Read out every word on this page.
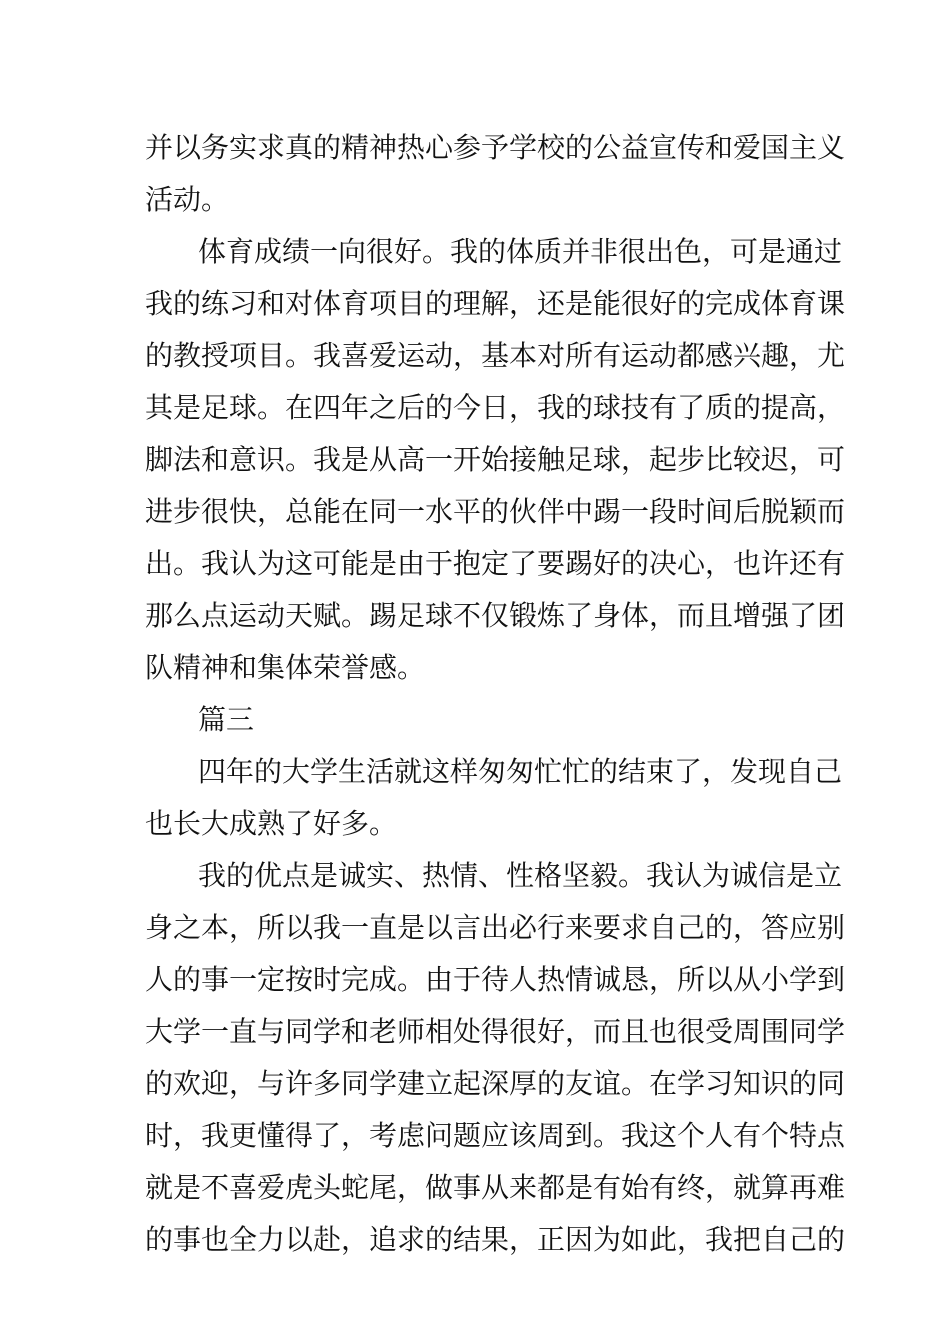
并以务实求真的精神热心参予学校的公益宣传和爱国主义
活动。
体育成绩一向很好。我的体质并非很出色，可是通过
我的练习和对体育项目的理解，还是能很好的完成体育课
的教授项目。我喜爱运动，基本对所有运动都感兴趣，尤
其是足球。在四年之后的今日，我的球技有了质的提高，
脚法和意识。我是从高一开始接触足球，起步比较迟，可
进步很快，总能在同一水平的伙伴中踢一段时间后脱颖而
出。我认为这可能是由于抱定了要踢好的决心，也许还有
那么点运动天赋。踢足球不仅锻炼了身体，而且增强了团
队精神和集体荣誉感。
篇三
四年的大学生活就这样匆匆忙忙的结束了，发现自己
也长大成熟了好多。
我的优点是诚实、热情、性格坚毅。我认为诚信是立
身之本，所以我一直是以言出必行来要求自己的，答应别
人的事一定按时完成。由于待人热情诚恳，所以从小学到
大学一直与同学和老师相处得很好，而且也很受周围同学
的欢迎，与许多同学建立起深厚的友谊。在学习知识的同
时，我更懂得了，考虑问题应该周到。我这个人有个特点
就是不喜爱虎头蛇尾，做事从来都是有始有终，就算再难
的事也全力以赴，追求的结果，正因为如此，我把自己的
